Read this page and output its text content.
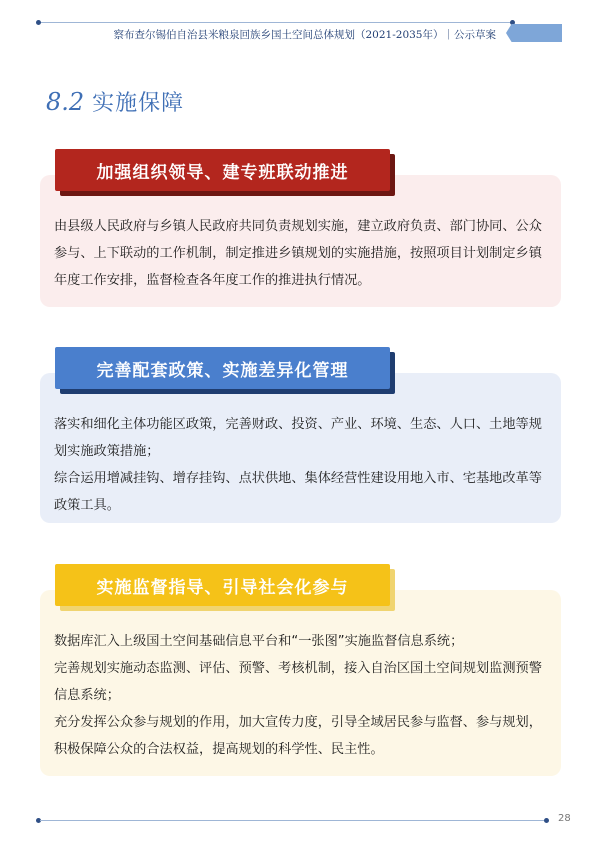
察布查尔锡伯自治县米粮泉回族乡国土空间总体规划（2021-2035年）｜公示草案
8.2 实施保障

由县级人民政府与乡镇人民政府共同负责规划实施，建立政府负责、部门协同、公众参与、上下联动的工作机制，制定推进乡镇规划的实施措施，按照项目计划制定乡镇年度工作安排，监督检查各年度工作的推进执行情况。

加强组织领导、建专班联动推进

落实和细化主体功能区政策，完善财政、投资、产业、环境、生态、人口、土地等规划实施政策措施；

综合运用增减挂钩、增存挂钩、点状供地、集体经营性建设用地入市、宅基地改革等政策工具。

完善配套政策、实施差异化管理

数据库汇入上级国土空间基础信息平台和“一张图”实施监督信息系统；

完善规划实施动态监测、评估、预警、考核机制，接入自治区国土空间规划监测预警信息系统；

充分发挥公众参与规划的作用，加大宣传力度，引导全域居民参与监督、参与规划，积极保障公众的合法权益，提高规划的科学性、民主性。

实施监督指导、引导社会化参与
28
